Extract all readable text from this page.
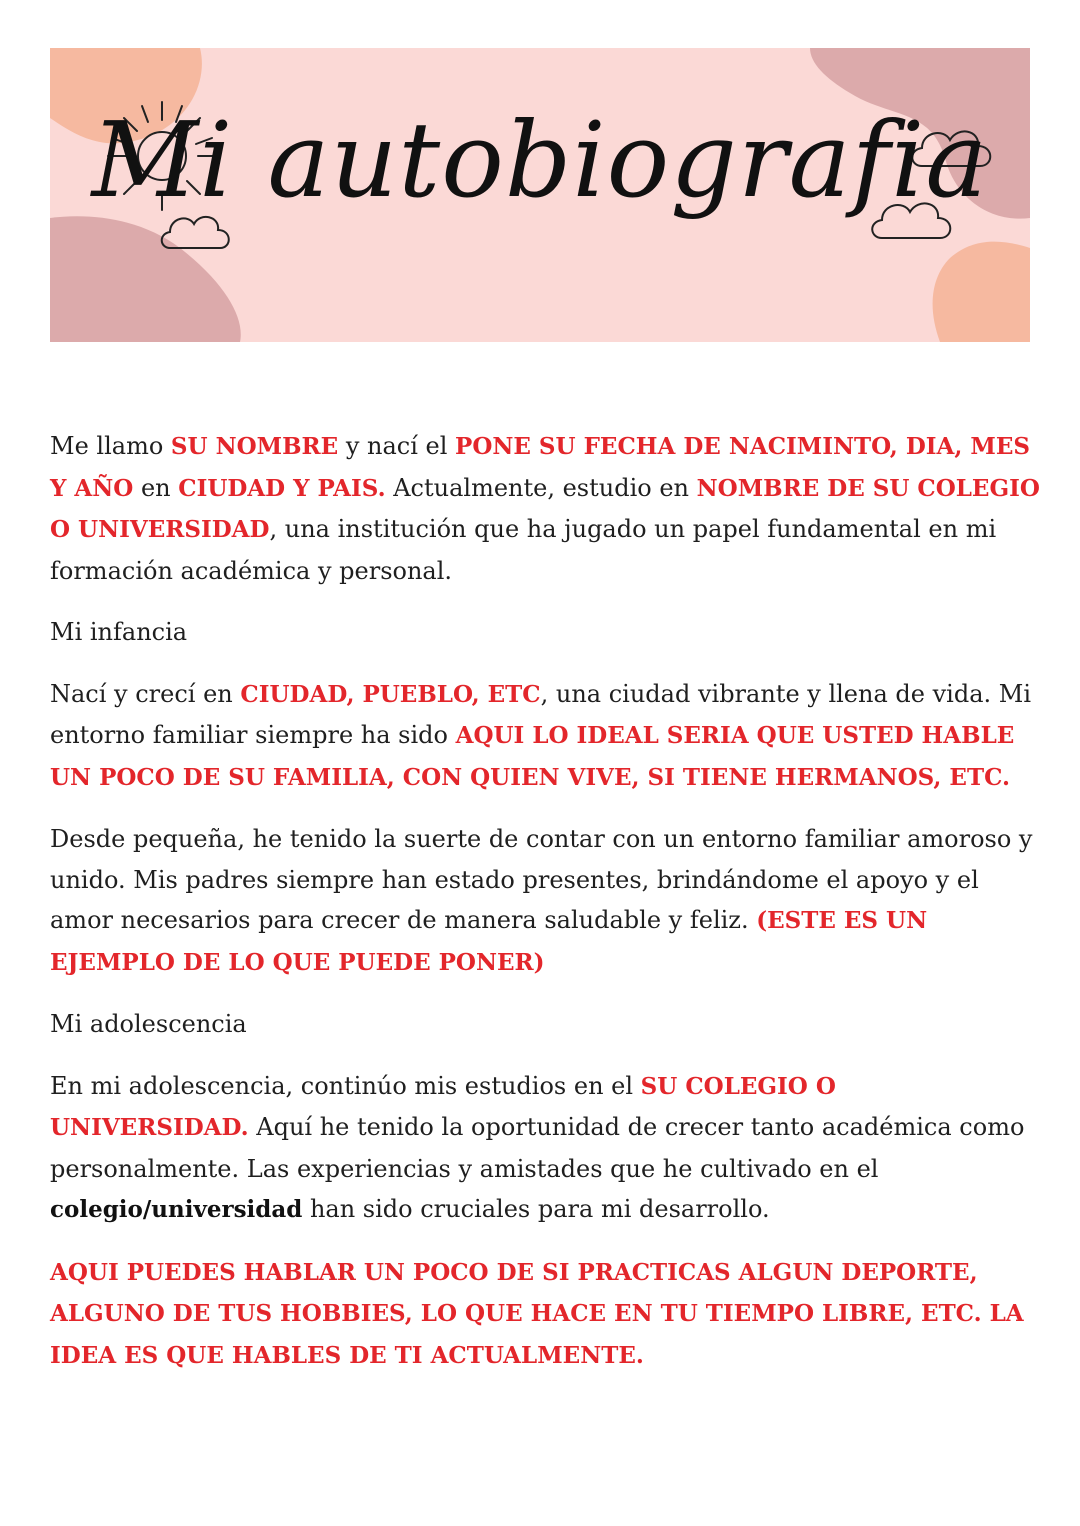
Mi autobiografia

Me llamo SU NOMBRE y nací el PONE SU FECHA DE NACIMINTO, DIA, MES Y AÑO en CIUDAD Y PAIS. Actualmente, estudio en NOMBRE DE SU COLEGIO O UNIVERSIDAD, una institución que ha jugado un papel fundamental en mi formación académica y personal.

Mi infancia

Nací y crecí en CIUDAD, PUEBLO, ETC, una ciudad vibrante y llena de vida. Mi entorno familiar siempre ha sido AQUI LO IDEAL SERIA QUE USTED HABLE UN POCO DE SU FAMILIA, CON QUIEN VIVE, SI TIENE HERMANOS, ETC.

Desde pequeña, he tenido la suerte de contar con un entorno familiar amoroso y unido. Mis padres siempre han estado presentes, brindándome el apoyo y el amor necesarios para crecer de manera saludable y feliz. (ESTE ES UN EJEMPLO DE LO QUE PUEDE PONER)

Mi adolescencia

En mi adolescencia, continúo mis estudios en el SU COLEGIO O UNIVERSIDAD. Aquí he tenido la oportunidad de crecer tanto académica como personalmente. Las experiencias y amistades que he cultivado en el colegio/universidad han sido cruciales para mi desarrollo.

AQUI PUEDES HABLAR UN POCO DE SI PRACTICAS ALGUN DEPORTE, ALGUNO DE TUS HOBBIES, LO QUE HACE EN TU TIEMPO LIBRE, ETC. LA IDEA ES QUE HABLES DE TI ACTUALMENTE.
